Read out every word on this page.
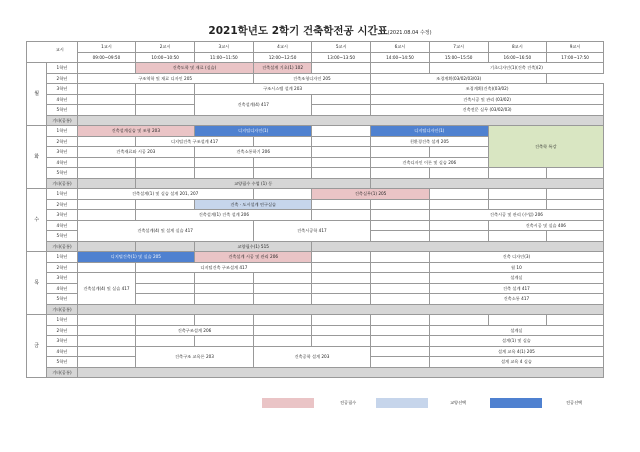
2021학년도 2학기 건축학전공 시간표(2021.08.04 수정)
교시		1교시	2교시	3교시	4교시	5교시	6교시	7교시	8교시	9교시
		09:00~09:50	10:00~10:50	11:00~11:50	12:00~12:50	13:00~13:50	14:00~14:50	15:00~15:50	16:00~16:50	17:00~17:50
월	1학년		건축도학 및 재료 (실습)		건축설계 기초(1) 102			기초디자인(1)(건축 건축)(2)		
	2학년	구조역학 및 재료 디자인 205			건축조형디자인 205		조경계획(03/02/03/03)			
	3학년			구조시스템 설계 203			조경계획(건축)(03/02)			
	4학년			건축설계(4) 417			건축시공 및 관리 (03/02)			
	5학년						건축전문 실무 (03/02/03)			
	기타(공통)									
화	1학년	건축설계실습 및 조형 203		디지털디자인(1)			디지털디자인(1)		건축학 특강	
	2학년		디지털건축 구조설계 417				친환경건축 설계 205			
	3학년	건축재료와 시공 203		건축소통하기 206						
	4학년						건축디자인 이론 및 실습 206			
	5학년									
	기타(공통)		교양필수 수업 (1) 동							
수	1학년	건축설계(1) 및 실습 설계 201, 207				건축실무(1) 205				
	2학년			건축 · 도시설계 연구실습						
	3학년		건축설계(1) 건축 설계 206					건축시공 및 관리 (수업) 206		
	4학년	건축설계(4) 및 설계 실습 417			건축시공학 417				건축시공 및 실습 406	
	5학년									
	기타(공통)			교양필수(1) 515						
목	1학년	디지털건축(1) 및 실습 205		건축설계 시공 및 관리 206				건축 디자인(3)		
	2학년		디지털건축 구조설계 417					월 10		
	3학년	건축설계(4) 및 실습 417						설계실		
	4학년							건축 설계 417		
	5학년							건축소통 417		
	기타(공통)									
금	1학년									
	2학년		건축구조설계 206					설계실		
	3학년							설계(1) 및 실습		
	4학년		건축구조 교육론 203		건축공학 설계 203			설계 교육 4(1) 205		
	5학년							설계 교육 4 실습		
	기타(공통)									
전공필수	교양선택	전공선택
